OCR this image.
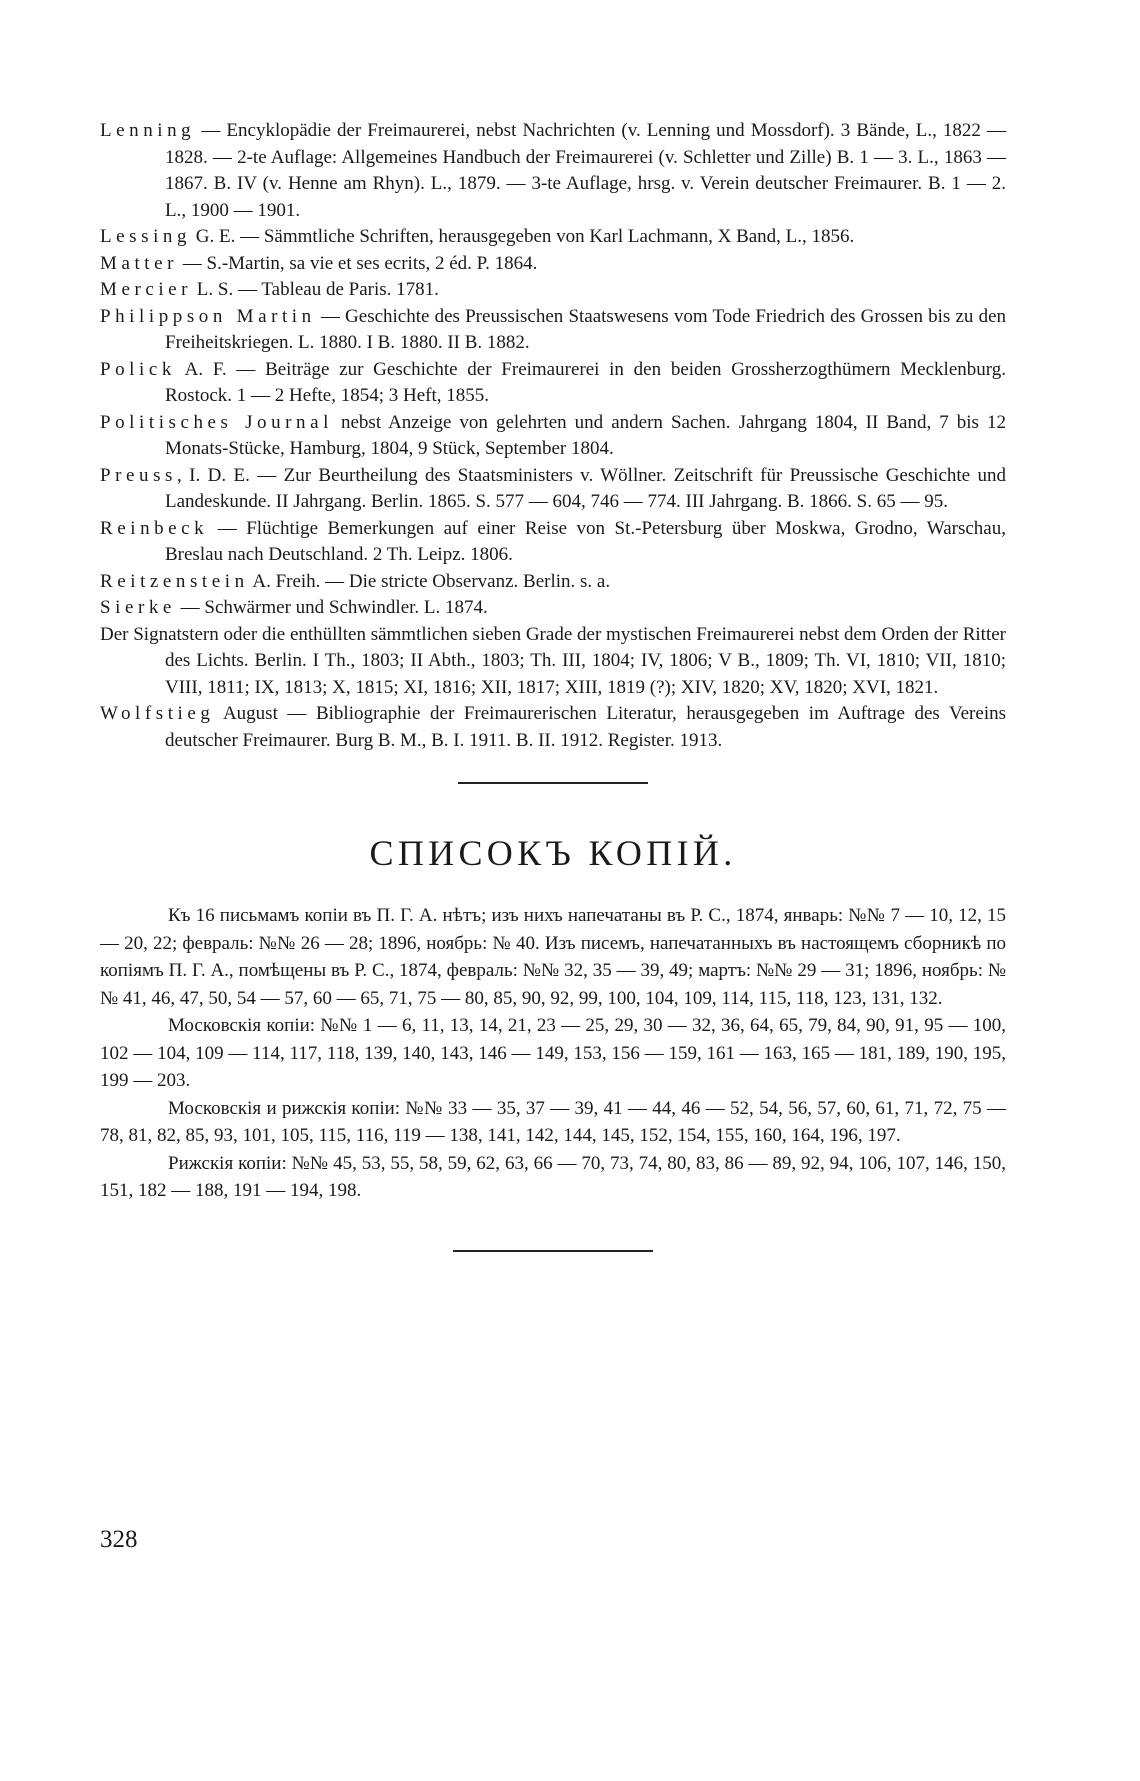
Lenning — Encyklopädie der Freimaurerei, nebst Nachrichten (v. Lenning und Mossdorf). 3 Bände, L., 1822 — 1828. — 2-te Auflage: Allgemeines Handbuch der Freimaurerei (v. Schletter und Zille) B. 1 — 3. L., 1863 — 1867. B. IV (v. Henne am Rhyn). L., 1879. — 3-te Auflage, hrsg. v. Verein deutscher Freimaurer. B. 1 — 2. L., 1900 — 1901.

Lessing G. E. — Sämmtliche Schriften, herausgegeben von Karl Lachmann, X Band, L., 1856.

Matter — S.-Martin, sa vie et ses ecrits, 2 éd. P. 1864.

Mercier L. S. — Tableau de Paris. 1781.

Philippson Martin — Geschichte des Preussischen Staatswesens vom Tode Friedrich des Grossen bis zu den Freiheitskriegen. L. 1880. I B. 1880. II B. 1882.

Polick A. F. — Beiträge zur Geschichte der Freimaurerei in den beiden Grossherzogthümern Mecklenburg. Rostock. 1 — 2 Hefte, 1854; 3 Heft, 1855.

Politisches Journal nebst Anzeige von gelehrten und andern Sachen. Jahrgang 1804, II Band, 7 bis 12 Monats-Stücke, Hamburg, 1804, 9 Stück, September 1804.

Preuss, I. D. E. — Zur Beurtheilung des Staatsministers v. Wöllner. Zeitschrift für Preussische Geschichte und Landeskunde. II Jahrgang. Berlin. 1865. S. 577 — 604, 746 — 774. III Jahrgang. B. 1866. S. 65 — 95.

Reinbeck — Flüchtige Bemerkungen auf einer Reise von St.-Petersburg über Moskwa, Grodno, Warschau, Breslau nach Deutschland. 2 Th. Leipz. 1806.

Reitzenstein A. Freih. — Die stricte Observanz. Berlin. s. a.

Sierke — Schwärmer und Schwindler. L. 1874.

Der Signatstern oder die enthüllten sämmtlichen sieben Grade der mystischen Freimaurerei nebst dem Orden der Ritter des Lichts. Berlin. I Th., 1803; II Abth., 1803; Th. III, 1804; IV, 1806; V B., 1809; Th. VI, 1810; VII, 1810; VIII, 1811; IX, 1813; X, 1815; XI, 1816; XII, 1817; XIII, 1819 (?); XIV, 1820; XV, 1820; XVI, 1821.

Wolfstieg August — Bibliographie der Freimaurerischen Literatur, herausgegeben im Auftrage des Vereins deutscher Freimaurer. Burg B. M., B. I. 1911. B. II. 1912. Register. 1913.

СПИСОКЪ КОПІЙ.

Къ 16 письмамъ копіи въ П. Г. А. нѣтъ; изъ нихъ напечатаны въ Р. С., 1874, январь: №№ 7 — 10, 12, 15 — 20, 22; февраль: №№ 26 — 28; 1896, ноябрь: № 40. Изъ писемъ, напечатанныхъ въ настоящемъ сборникѣ по копіямъ П. Г. А., помѣщены въ Р. С., 1874, февраль: №№ 32, 35 — 39, 49; мартъ: №№ 29 — 31; 1896, ноябрь: №№ 41, 46, 47, 50, 54 — 57, 60 — 65, 71, 75 — 80, 85, 90, 92, 99, 100, 104, 109, 114, 115, 118, 123, 131, 132.

Московскія копіи: №№ 1 — 6, 11, 13, 14, 21, 23 — 25, 29, 30 — 32, 36, 64, 65, 79, 84, 90, 91, 95 — 100, 102 — 104, 109 — 114, 117, 118, 139, 140, 143, 146 — 149, 153, 156 — 159, 161 — 163, 165 — 181, 189, 190, 195, 199 — 203.

Московскія и рижскія копіи: №№ 33 — 35, 37 — 39, 41 — 44, 46 — 52, 54, 56, 57, 60, 61, 71, 72, 75 — 78, 81, 82, 85, 93, 101, 105, 115, 116, 119 — 138, 141, 142, 144, 145, 152, 154, 155, 160, 164, 196, 197.

Рижскія копіи: №№ 45, 53, 55, 58, 59, 62, 63, 66 — 70, 73, 74, 80, 83, 86 — 89, 92, 94, 106, 107, 146, 150, 151, 182 — 188, 191 — 194, 198.

328
